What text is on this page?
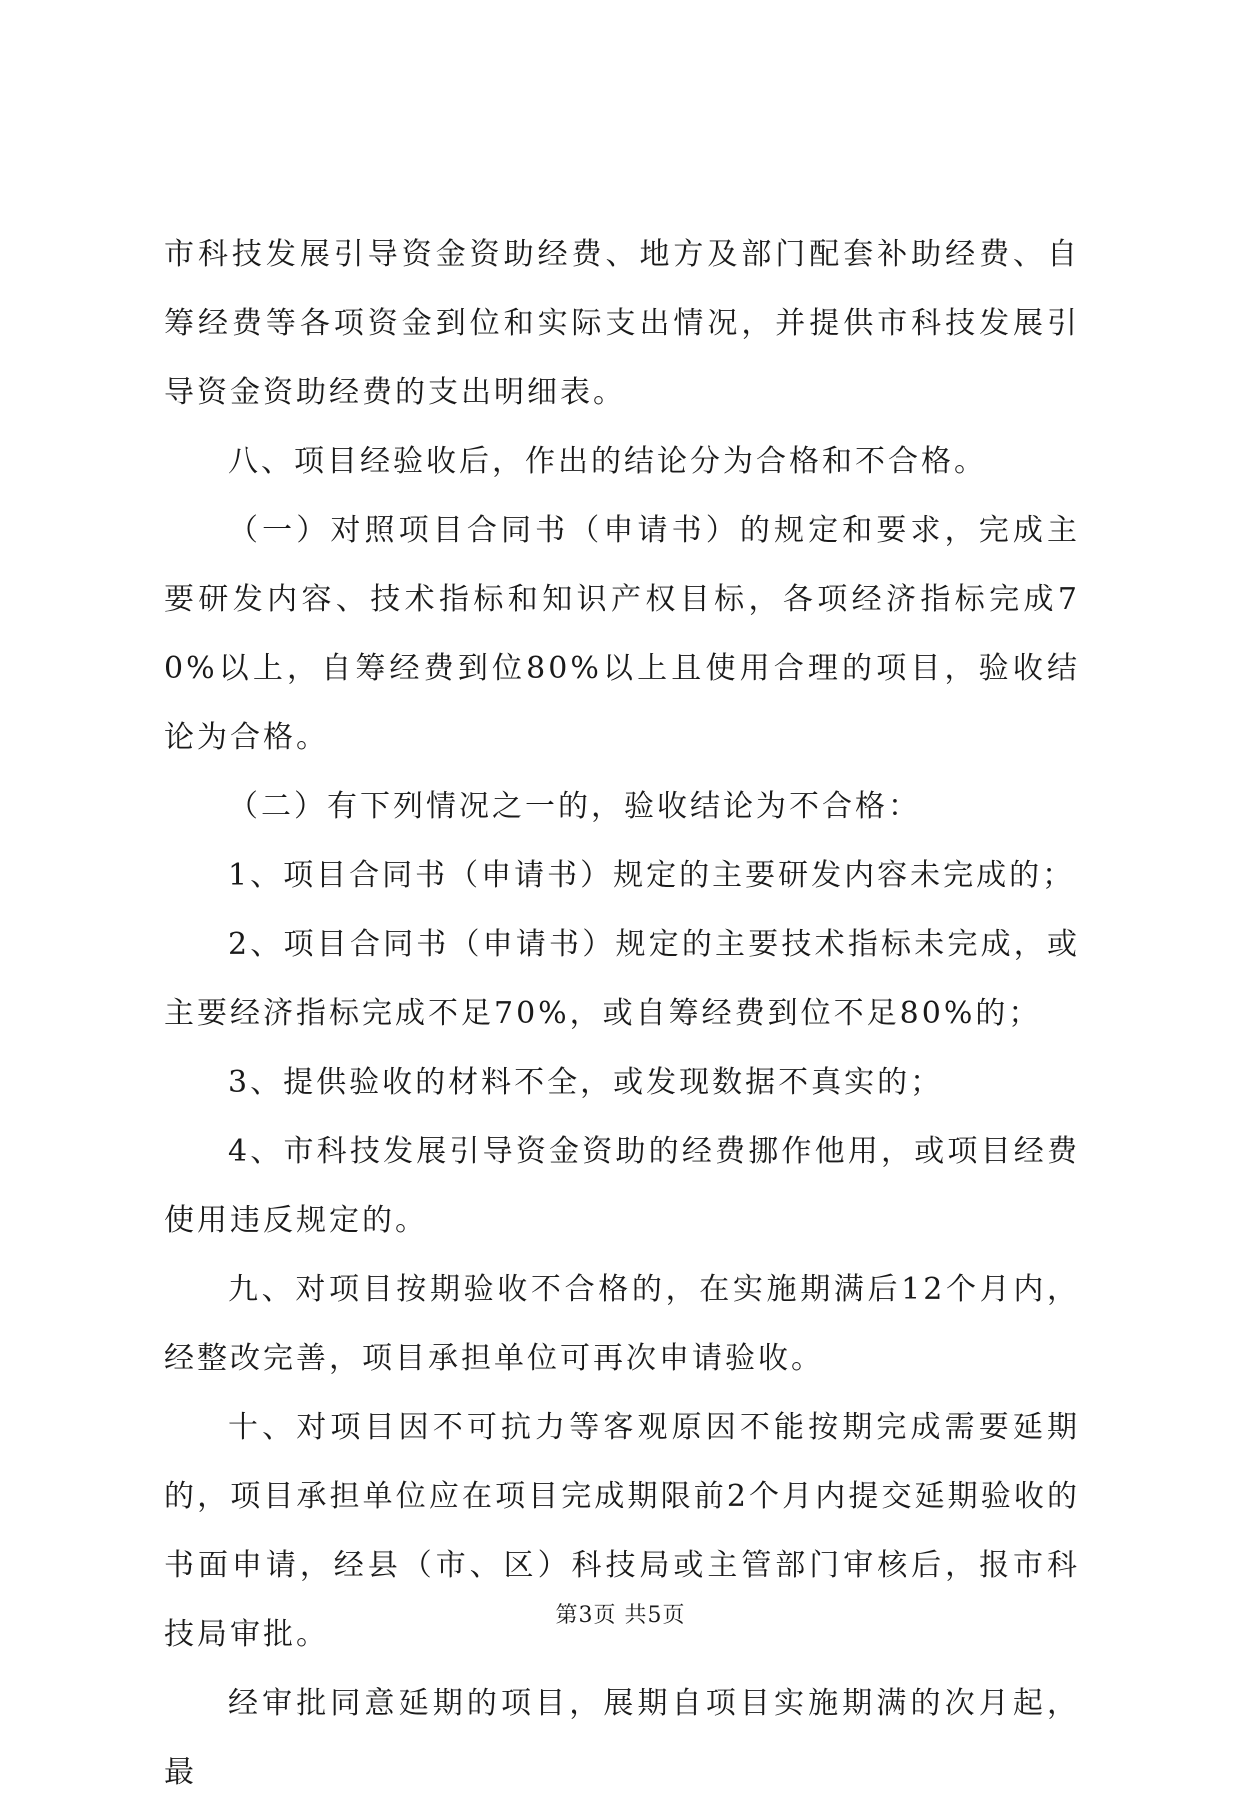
市科技发展引导资金资助经费、地方及部门配套补助经费、自筹经费等各项资金到位和实际支出情况，并提供市科技发展引导资金资助经费的支出明细表。

八、项目经验收后，作出的结论分为合格和不合格。

（一）对照项目合同书（申请书）的规定和要求，完成主要研发内容、技术指标和知识产权目标，各项经济指标完成70%以上，自筹经费到位80%以上且使用合理的项目，验收结论为合格。

（二）有下列情况之一的，验收结论为不合格：

1、项目合同书（申请书）规定的主要研发内容未完成的；

2、项目合同书（申请书）规定的主要技术指标未完成，或主要经济指标完成不足70%，或自筹经费到位不足80%的；

3、提供验收的材料不全，或发现数据不真实的；

4、市科技发展引导资金资助的经费挪作他用，或项目经费使用违反规定的。

九、对项目按期验收不合格的，在实施期满后12个月内，经整改完善，项目承担单位可再次申请验收。

十、对项目因不可抗力等客观原因不能按期完成需要延期的，项目承担单位应在项目完成期限前2个月内提交延期验收的书面申请，经县（市、区）科技局或主管部门审核后，报市科技局审批。

经审批同意延期的项目，展期自项目实施期满的次月起，最

第3页 共5页
